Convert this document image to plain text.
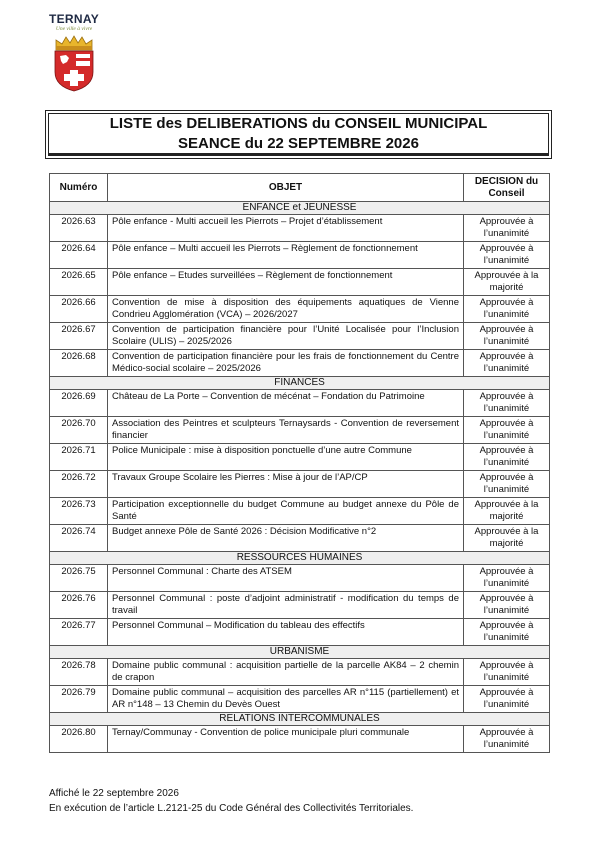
TERNAY
Une ville à vivre
LISTE des DELIBERATIONS du CONSEIL MUNICIPAL
SEANCE du 22 SEPTEMBRE 2026
Numéro	OBJET	DECISION du Conseil
ENFANCE et JEUNESSE		
2026.63	Pôle enfance - Multi accueil les Pierrots – Projet d’établissement	Approuvée à l’unanimité
2026.64	Pôle enfance – Multi accueil les Pierrots – Règlement de fonctionnement	Approuvée à l’unanimité
2026.65	Pôle enfance – Etudes surveillées – Règlement de fonctionnement	Approuvée à la majorité
2026.66	Convention de mise à disposition des équipements aquatiques de Vienne Condrieu Agglomération (VCA) – 2026/2027	Approuvée à l’unanimité
2026.67	Convention de participation financière pour l’Unité Localisée pour l’Inclusion Scolaire (ULIS) – 2025/2026	Approuvée à l’unanimité
2026.68	Convention de participation financière pour les frais de fonctionnement du Centre Médico-social scolaire – 2025/2026	Approuvée à l’unanimité
FINANCES		
2026.69	Château de La Porte – Convention de mécénat – Fondation du Patrimoine	Approuvée à l’unanimité
2026.70	Association des Peintres et sculpteurs Ternaysards - Convention de reversement financier	Approuvée à l’unanimité
2026.71	Police Municipale : mise à disposition ponctuelle d’une autre Commune	Approuvée à l’unanimité
2026.72	Travaux Groupe Scolaire les Pierres : Mise à jour de l’AP/CP	Approuvée à l’unanimité
2026.73	Participation exceptionnelle du budget Commune au budget annexe du Pôle de Santé	Approuvée à la majorité
2026.74	Budget annexe Pôle de Santé 2026 : Décision Modificative n°2	Approuvée à la majorité
RESSOURCES HUMAINES		
2026.75	Personnel Communal : Charte des ATSEM	Approuvée à l’unanimité
2026.76	Personnel Communal : poste d’adjoint administratif - modification du temps de travail	Approuvée à l’unanimité
2026.77	Personnel Communal – Modification du tableau des effectifs	Approuvée à l’unanimité
URBANISME		
2026.78	Domaine public communal : acquisition partielle de la parcelle AK84 – 2 chemin de crapon	Approuvée à l’unanimité
2026.79	Domaine public communal – acquisition des parcelles AR n°115 (partiellement) et AR n°148 – 13 Chemin du Devès Ouest	Approuvée à l’unanimité
RELATIONS INTERCOMMUNALES		
2026.80	Ternay/Communay - Convention de police municipale pluri communale	Approuvée à l’unanimité
Affiché le 22 septembre 2026
En exécution de l’article L.2121-25 du Code Général des Collectivités Territoriales.
